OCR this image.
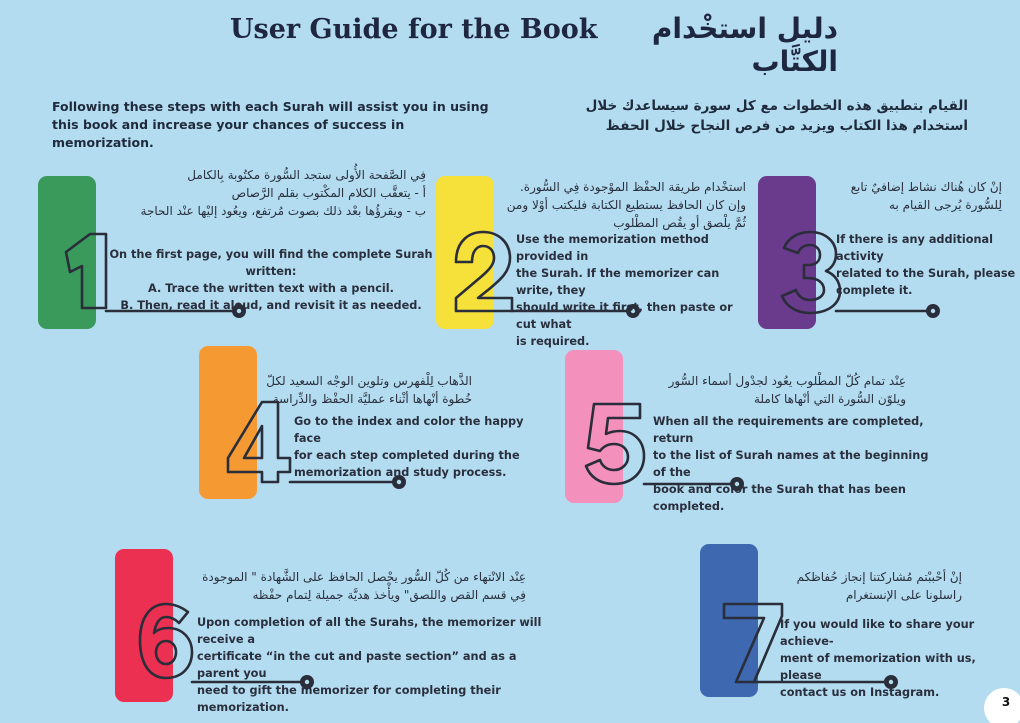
User Guide for the Book	دليل استخْدام الكتَّاب
Following these steps with each Surah will assist you in using this book and increase your chances of success in memorization.
القيام بتطبيق هذه الخطوات مع كل سورة سيساعدك خلال استخدام هذا الكتاب ويزيد من فرص النجاح خلال الحفظ
فِي الصَّفحة الأُولى ستجد السُّورة مكتُوبة بِالكامل
أ - يتعقَّب الكلام المكْتوب بقلم الرَّصاص
ب - ويقرؤُها بعْد ذلك بصوت مُرتفع، ويعُود إليْها عنْد الحاجة
On the first page, you will find the complete Surah written:
A. Trace the written text with a pencil.
B. Then, read it aloud, and revisit it as needed.
استخْدام طريقة الحفْظ الموْجودة فِي السُّورة.
وإن كان الحافظ يستطيع الكتابة فليكتب أوْلا ومن
ثُمَّ يلْصق أو يقُص المطْلوب
Use the memorization method provided in
the Surah. If the memorizer can write, they
should write it first, then paste or cut what
is required.
إنْ كان هُناك نشاط إضافيٌ تابع
لِلسُّورة يُرجى القيام به
If there is any additional activity
related to the Surah, please
complete it.
الذَّهاب لِلْفهرس وتلوين الوجْه السعيد لكلّ
خُطوة أنْهاها أثْناء عمليَّة الحفْظ والدِّراسة
Go to the index and color the happy face
for each step completed during the
memorization and study process.
عِنْد تمام كُلّ المطْلوب يعُود لجدْول أسماء السُّور
ويلوّن السُّورة التي أنْهاها كاملة
When all the requirements are completed, return
to the list of Surah names at the beginning of the
book and color the Surah that has been completed.
عِنْد الانْتهاء من كُلّ السُّور يحْصل الحافظ على الشَّهادة " الموجودة
فِي قسم القص واللصق" ويأْخذ هديَّة جميلة لِتمام حفْظه
Upon completion of all the Surahs, the memorizer will receive a
certificate “in the cut and paste section” and as a parent you
need to gift the memorizer for completing their memorization.
إنْ أحْببْتم مُشاركتنا إنجاز حُفاظكم
راسلونا على الإنستغرام
If you would like to share your achieve-
ment of memorization with us, please
contact us on Instagram.
3
